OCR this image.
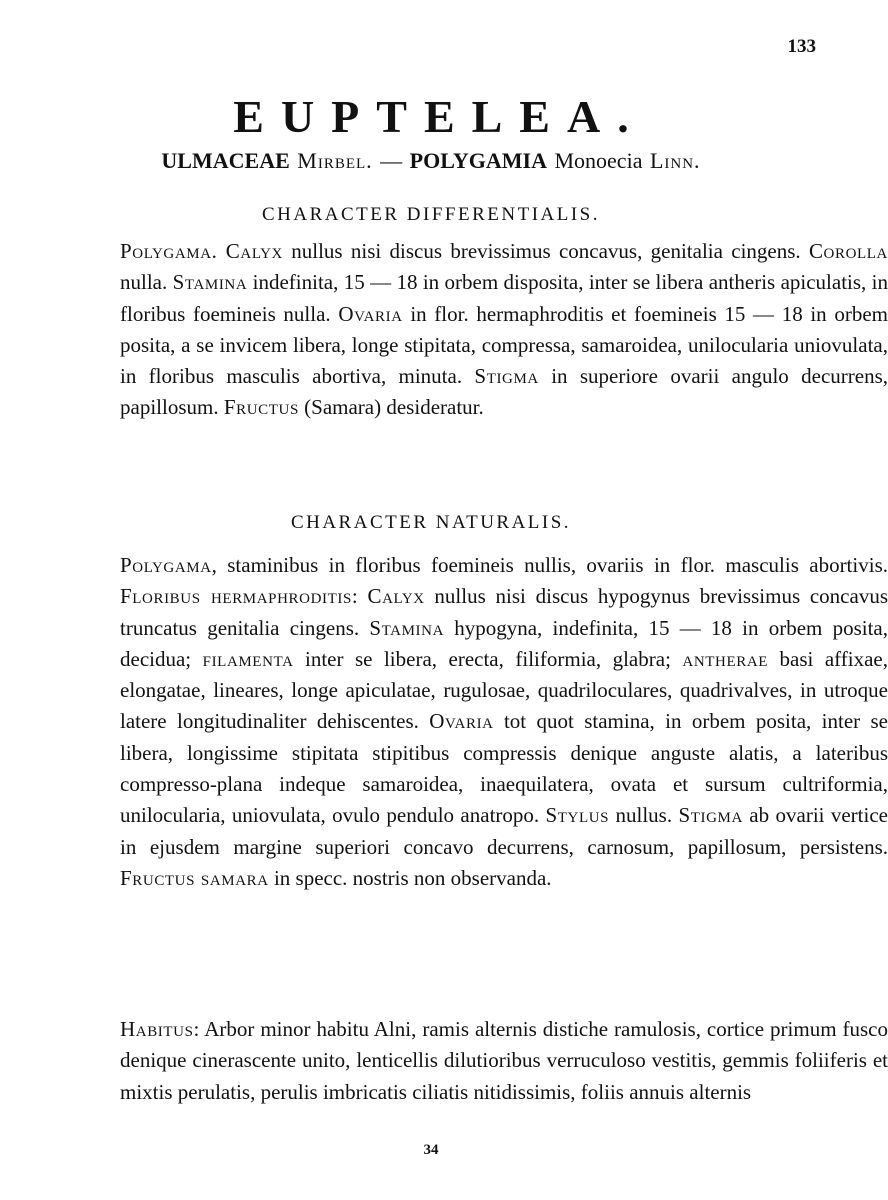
133
EUPTELEA.
ULMACEAE Mirbel. — POLYGAMIA Monoecia Linn.
CHARACTER DIFFERENTIALIS.
Polygama. Calyx nullus nisi discus brevissimus concavus, genitalia cingens. Corolla nulla. Stamina indefinita, 15 — 18 in orbem disposita, inter se libera antheris apiculatis, in floribus foemineis nulla. Ovaria in flor. hermaphroditis et foemineis 15 — 18 in orbem posita, a se invicem libera, longe stipitata, compressa, samaroidea, unilocularia uniovulata, in floribus masculis abortiva, minuta. Stigma in superiore ovarii angulo decurrens, papillosum. Fructus (Samara) desideratur.
CHARACTER NATURALIS.
Polygama, staminibus in floribus foemineis nullis, ovariis in flor. masculis abortivis. Floribus hermaphroditis: Calyx nullus nisi discus hypogynus brevissimus concavus truncatus genitalia cingens. Stamina hypogyna, indefinita, 15 — 18 in orbem posita, decidua; filamenta inter se libera, erecta, filiformia, glabra; antherae basi affixae, elongatae, lineares, longe apiculatae, rugulosae, quadriloculares, quadrivalves, in utroque latere longitudinaliter dehiscentes. Ovaria tot quot stamina, in orbem posita, inter se libera, longissime stipitata stipitibus compressis denique anguste alatis, a lateribus compresso-plana indeque samaroidea, inaequilatera, ovata et sursum cultriformia, unilocularia, uniovulata, ovulo pendulo anatropo. Stylus nullus. Stigma ab ovarii vertice in ejusdem margine superiori concavo decurrens, carnosum, papillosum, persistens. Fructus samara in specc. nostris non observanda.
Habitus: Arbor minor habitu Alni, ramis alternis distiche ramulosis, cortice primum fusco denique cinerascente unito, lenticellis dilutioribus verruculoso vestitis, gemmis foliiferis et mixtis perulatis, perulis imbricatis ciliatis nitidissimis, foliis annuis alternis
34
